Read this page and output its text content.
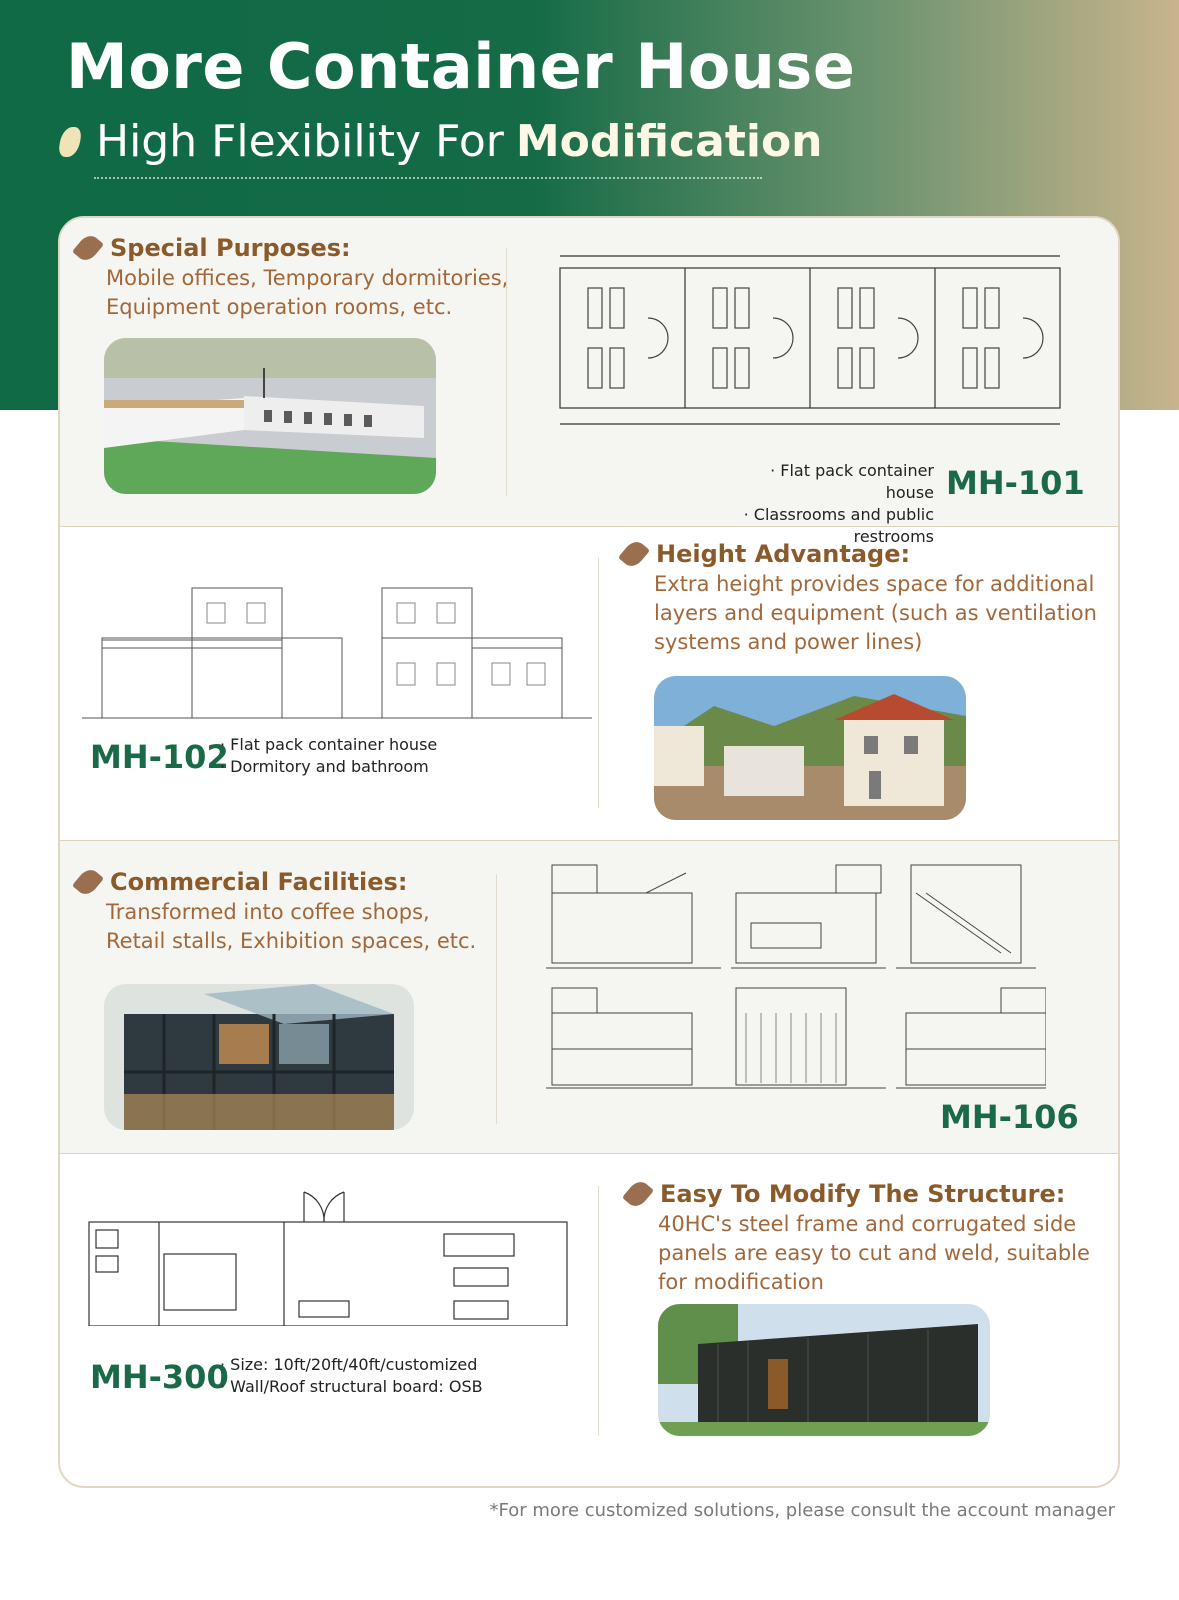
More Container House
High Flexibility For Modification
Special Purposes:
Mobile offices, Temporary dormitories,
Equipment operation rooms, etc.
· Flat pack container house
· Classrooms and public restrooms
MH-101
MH-102
· Flat pack container house
· Dormitory and bathroom
Height Advantage:
Extra height provides space for additional
layers and equipment (such as ventilation
systems and power lines)
Commercial Facilities:
Transformed into coffee shops,
Retail stalls, Exhibition spaces, etc.
MH-106
MH-300
· Size: 10ft/20ft/40ft/customized
· Wall/Roof structural board: OSB
Easy To Modify The Structure:
40HC's steel frame and corrugated side
panels are easy to cut and weld, suitable
for modification
*For more customized solutions, please consult the account manager
